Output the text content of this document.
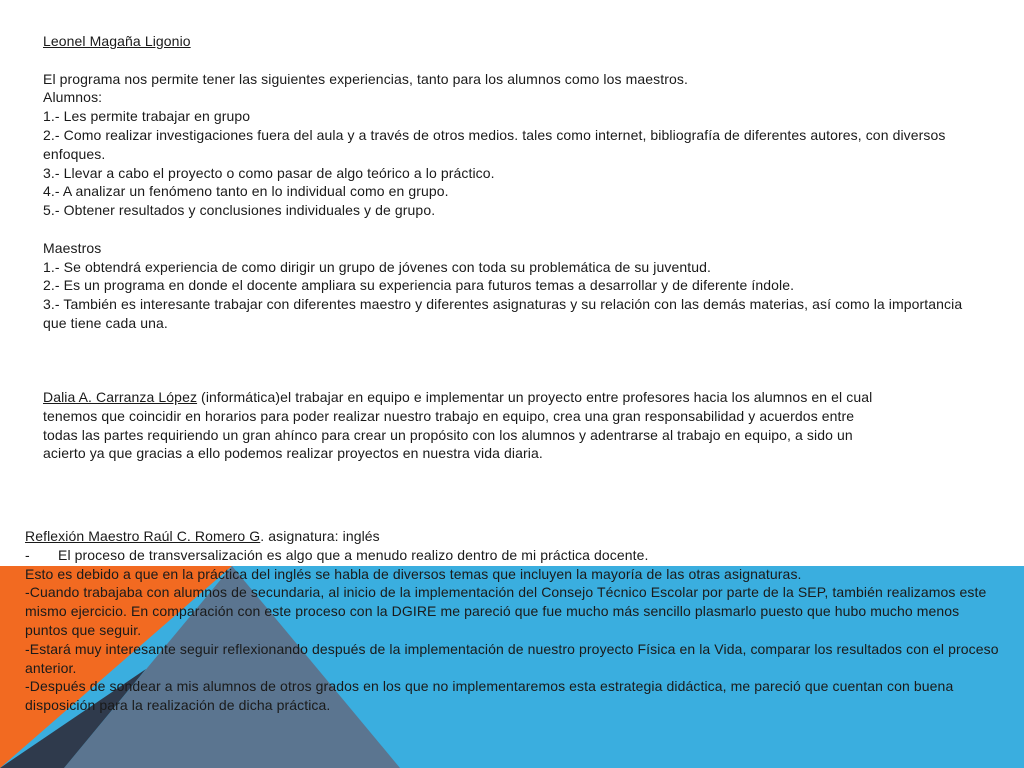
Leonel Magaña Ligonio

El programa nos permite tener las siguientes experiencias, tanto para los alumnos como los maestros.

Alumnos:

1.- Les permite trabajar en grupo

2.- Como realizar investigaciones fuera del aula y a través de otros medios. tales como internet, bibliografía de diferentes autores, con diversos enfoques.

3.- Llevar a cabo el proyecto o como pasar de algo teórico a lo práctico.

4.- A analizar un fenómeno tanto en lo individual como en grupo.

5.- Obtener resultados y conclusiones individuales y de grupo.

Maestros

1.- Se obtendrá experiencia de como dirigir un grupo de jóvenes con toda su problemática de su juventud.

2.- Es un programa en donde el docente ampliara su experiencia para futuros temas a desarrollar y de diferente índole.

3.- También es interesante trabajar con diferentes maestro y diferentes asignaturas y su relación con las demás materias, así como la importancia que tiene cada una.

Dalia A. Carranza López (informática)el trabajar en equipo e implementar un proyecto entre profesores hacia los alumnos en el cual tenemos que coincidir en horarios para poder realizar nuestro trabajo en equipo, crea una gran responsabilidad y acuerdos entre todas las partes requiriendo un gran ahínco para crear un propósito con los alumnos y adentrarse al trabajo en equipo, a sido un acierto ya que gracias a ello podemos realizar proyectos en nuestra vida diaria.

Reflexión Maestro Raúl C. Romero G. asignatura: inglés

-	El proceso de transversalización es algo que a menudo realizo dentro de mi práctica docente.

Esto es debido a que en la práctica del inglés se habla de diversos temas que incluyen la mayoría de las otras asignaturas.

-Cuando trabajaba con alumnos de secundaria, al inicio de la implementación del Consejo Técnico Escolar por parte de la SEP, también realizamos este mismo ejercicio. En comparación con este proceso con la DGIRE me pareció que fue mucho más sencillo plasmarlo puesto que hubo mucho menos puntos que seguir.

-Estará muy interesante seguir reflexionando después de la implementación de nuestro proyecto Física en la Vida, comparar los resultados con el proceso anterior.

-Después de sondear a mis alumnos de otros grados en los que no implementaremos esta estrategia didáctica, me pareció que cuentan con buena disposición para la realización de dicha práctica.
